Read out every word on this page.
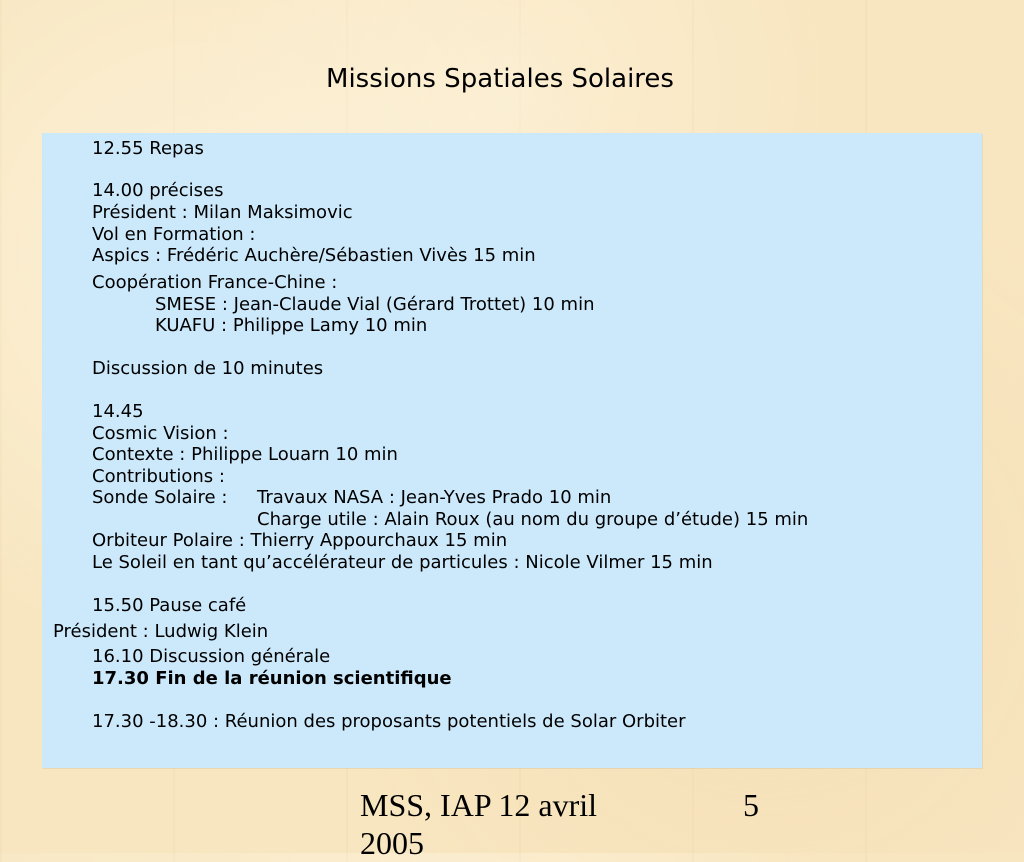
Missions Spatiales Solaires
12.55 Repas
14.00 précises
Président : Milan Maksimovic
Vol en Formation :
Aspics : Frédéric Auchère/Sébastien Vivès 15 min
Coopération France-Chine :
SMESE : Jean-Claude Vial (Gérard Trottet) 10 min
KUAFU : Philippe Lamy 10 min
Discussion de 10 minutes
14.45
Cosmic Vision :
Contexte : Philippe Louarn 10 min
Contributions :
Sonde Solaire : Travaux NASA : Jean-Yves Prado 10 min
Charge utile : Alain Roux (au nom du groupe d’étude) 15 min
Orbiteur Polaire : Thierry Appourchaux 15 min
Le Soleil en tant qu’accélérateur de particules : Nicole Vilmer 15 min
15.50 Pause café
Président : Ludwig Klein
16.10 Discussion générale
17.30 Fin de la réunion scientifique
17.30 -18.30 : Réunion des proposants potentiels de Solar Orbiter
MSS, IAP 12 avril
2005
5
